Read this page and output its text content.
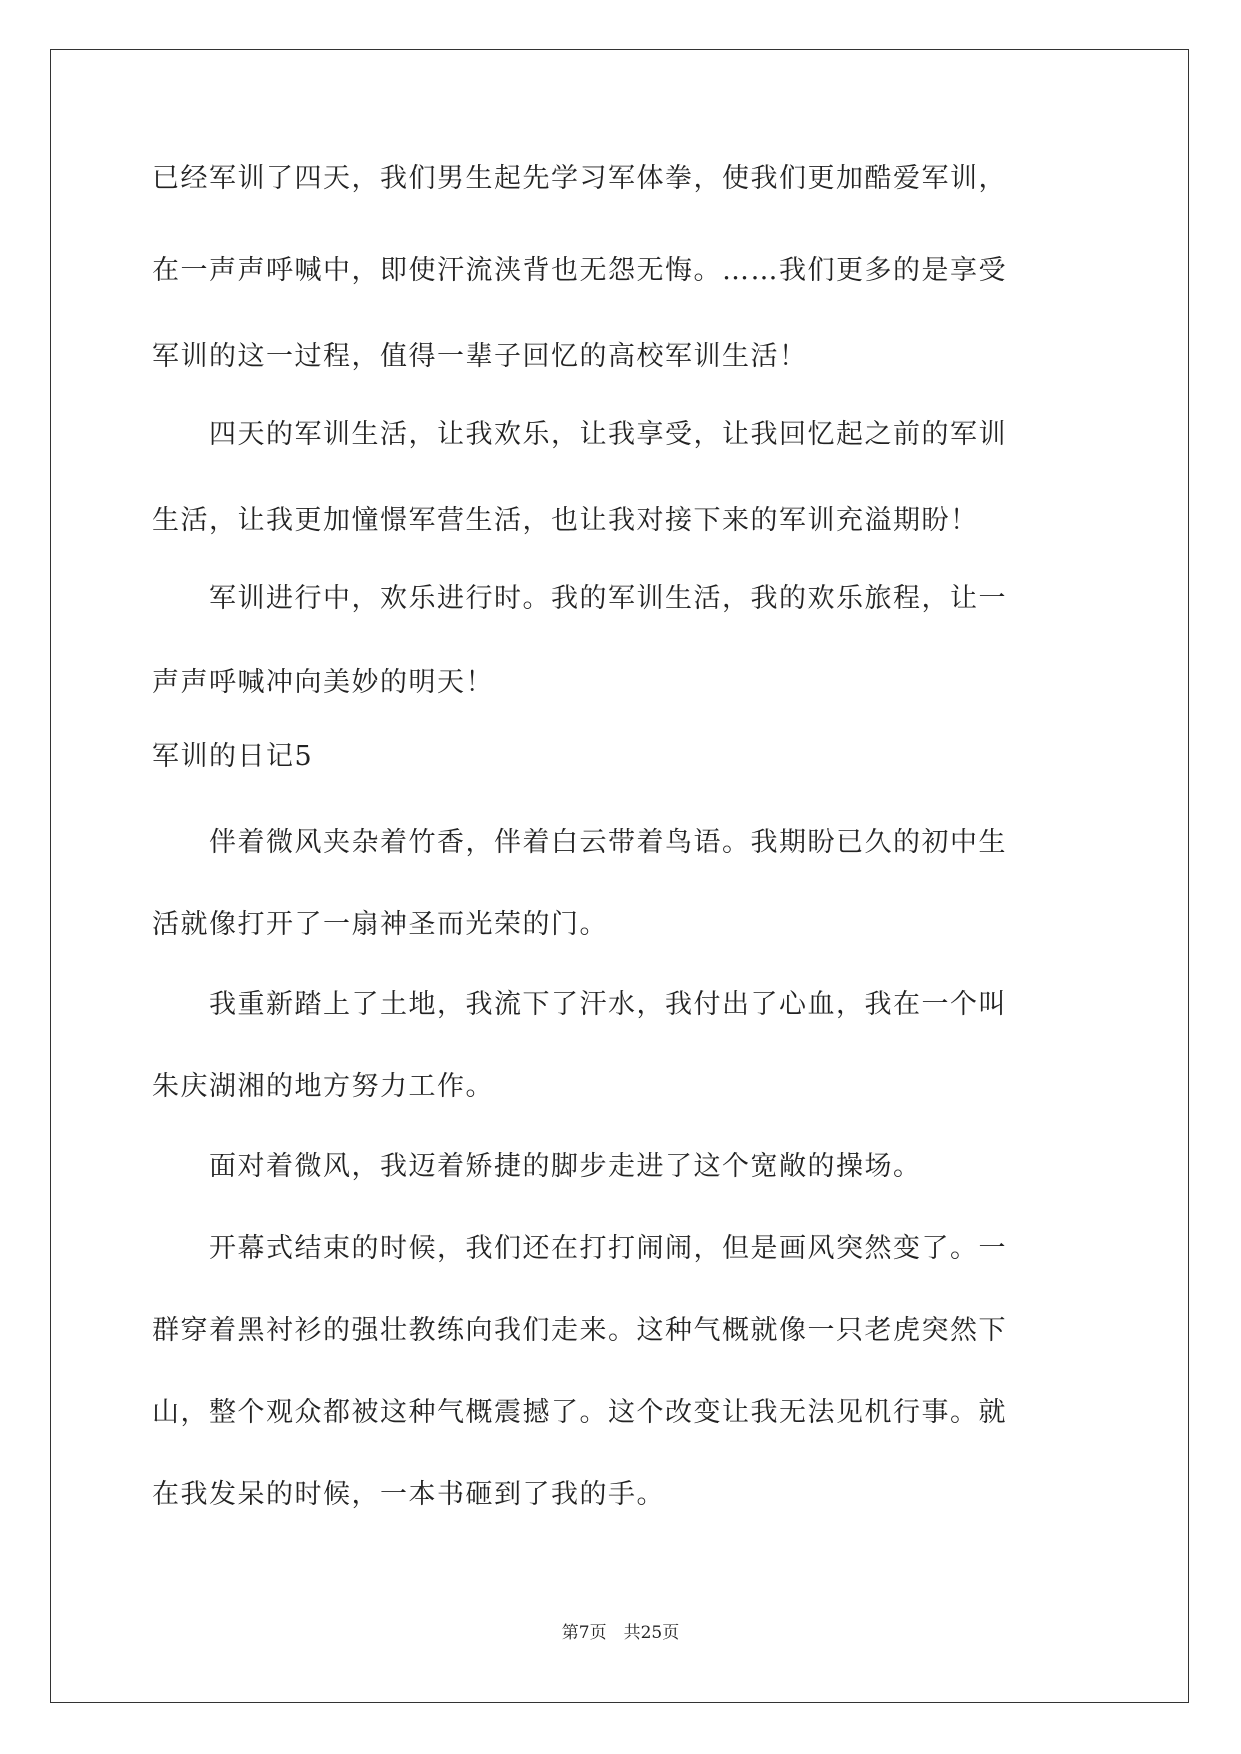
已经军训了四天，我们男生起先学习军体拳，使我们更加酷爱军训，

在一声声呼喊中，即使汗流浃背也无怨无悔。……我们更多的是享受

军训的这一过程，值得一辈子回忆的高校军训生活！

　　四天的军训生活，让我欢乐，让我享受，让我回忆起之前的军训

生活，让我更加憧憬军营生活，也让我对接下来的军训充溢期盼！

　　军训进行中，欢乐进行时。我的军训生活，我的欢乐旅程，让一

声声呼喊冲向美妙的明天！

军训的日记5

　　伴着微风夹杂着竹香，伴着白云带着鸟语。我期盼已久的初中生

活就像打开了一扇神圣而光荣的门。

　　我重新踏上了土地，我流下了汗水，我付出了心血，我在一个叫

朱庆湖湘的地方努力工作。

　　面对着微风，我迈着矫捷的脚步走进了这个宽敞的操场。

　　开幕式结束的时候，我们还在打打闹闹，但是画风突然变了。一

群穿着黑衬衫的强壮教练向我们走来。这种气概就像一只老虎突然下

山，整个观众都被这种气概震撼了。这个改变让我无法见机行事。就

在我发呆的时候，一本书砸到了我的手。

第7页　共25页
